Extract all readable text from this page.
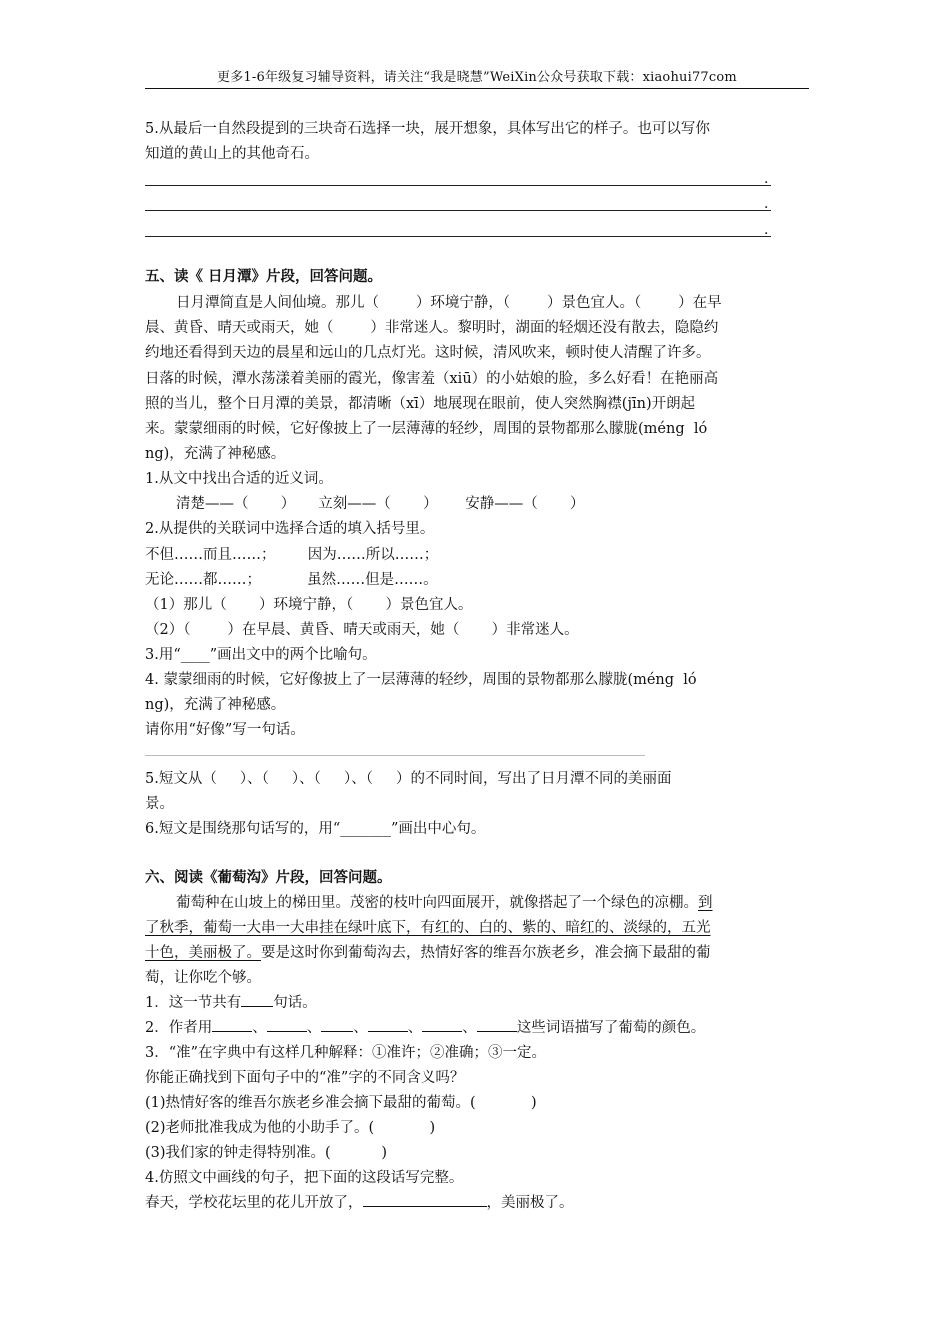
更多1-6年级复习辅导资料，请关注“我是晓慧”WeiXin公众号获取下载：xiaohui77com
5.从最后一自然段提到的三块奇石选择一块，展开想象，具体写出它的样子。也可以写你
知道的黄山上的其他奇石。
.
.
.
五、读《 日月潭》片段，回答问题。
日月潭简直是人间仙境。那儿（        ）环境宁静，（        ）景色宜人。（        ）在早
晨、黄昏、晴天或雨天，她（        ）非常迷人。黎明时，湖面的轻烟还没有散去，隐隐约
约地还看得到天边的晨星和远山的几点灯光。这时候，清风吹来，顿时使人清醒了许多。
日落的时候，潭水荡漾着美丽的霞光，像害羞（xiū）的小姑娘的脸，多么好看！在艳丽高
照的当儿，整个日月潭的美景，都清晰（xī）地展现在眼前，使人突然胸襟(jīn)开朗起
来。蒙蒙细雨的时候，它好像披上了一层薄薄的轻纱，周围的景物都那么朦胧(méng  ló
ng)，充满了神秘感。
1.从文中找出合适的近义词。
清楚——（       ）     立刻——（       ）      安静——（       ）
2.从提供的关联词中选择合适的填入括号里。
不但……而且……；       因为……所以……；
无论……都……；          虽然……但是……。
（1）那儿（       ）环境宁静，（       ）景色宜人。
（2）（        ）在早晨、黄昏、晴天或雨天，她（       ）非常迷人。
3.用“____”画出文中的两个比喻句。
4. 蒙蒙细雨的时候，它好像披上了一层薄薄的轻纱，周围的景物都那么朦胧(méng  ló
ng)，充满了神秘感。
请你用“好像”写一句话。
5.短文从（     ）、（     ）、（     ）、（     ）的不同时间，写出了日月潭不同的美丽面
景。
6.短文是围绕那句话写的，用“_______”画出中心句。
六、阅读《葡萄沟》片段，回答问题。
葡萄种在山坡上的梯田里。茂密的枝叶向四面展开，就像搭起了一个绿色的凉棚。到
了秋季，葡萄一大串一大串挂在绿叶底下，有红的、白的、紫的、暗红的、淡绿的，五光
十色，美丽极了。要是这时你到葡萄沟去，热情好客的维吾尔族老乡，准会摘下最甜的葡
萄，让你吃个够。
1．这一节共有 句话。
2．作者用	、	、 、	、	、	这些词语描写了葡萄的颜色。
3．“准”在字典中有这样几种解释：①准许；②准确；③一定。
你能正确找到下面句子中的“准”字的不同含义吗？
(1)热情好客的维吾尔族老乡准会摘下最甜的葡萄。(            )
(2)老师批准我成为他的小助手了。(            )
(3)我们家的钟走得特别准。(           )
4.仿照文中画线的句子，把下面的这段话写完整。
春天，学校花坛里的花儿开放了，	，美丽极了。
